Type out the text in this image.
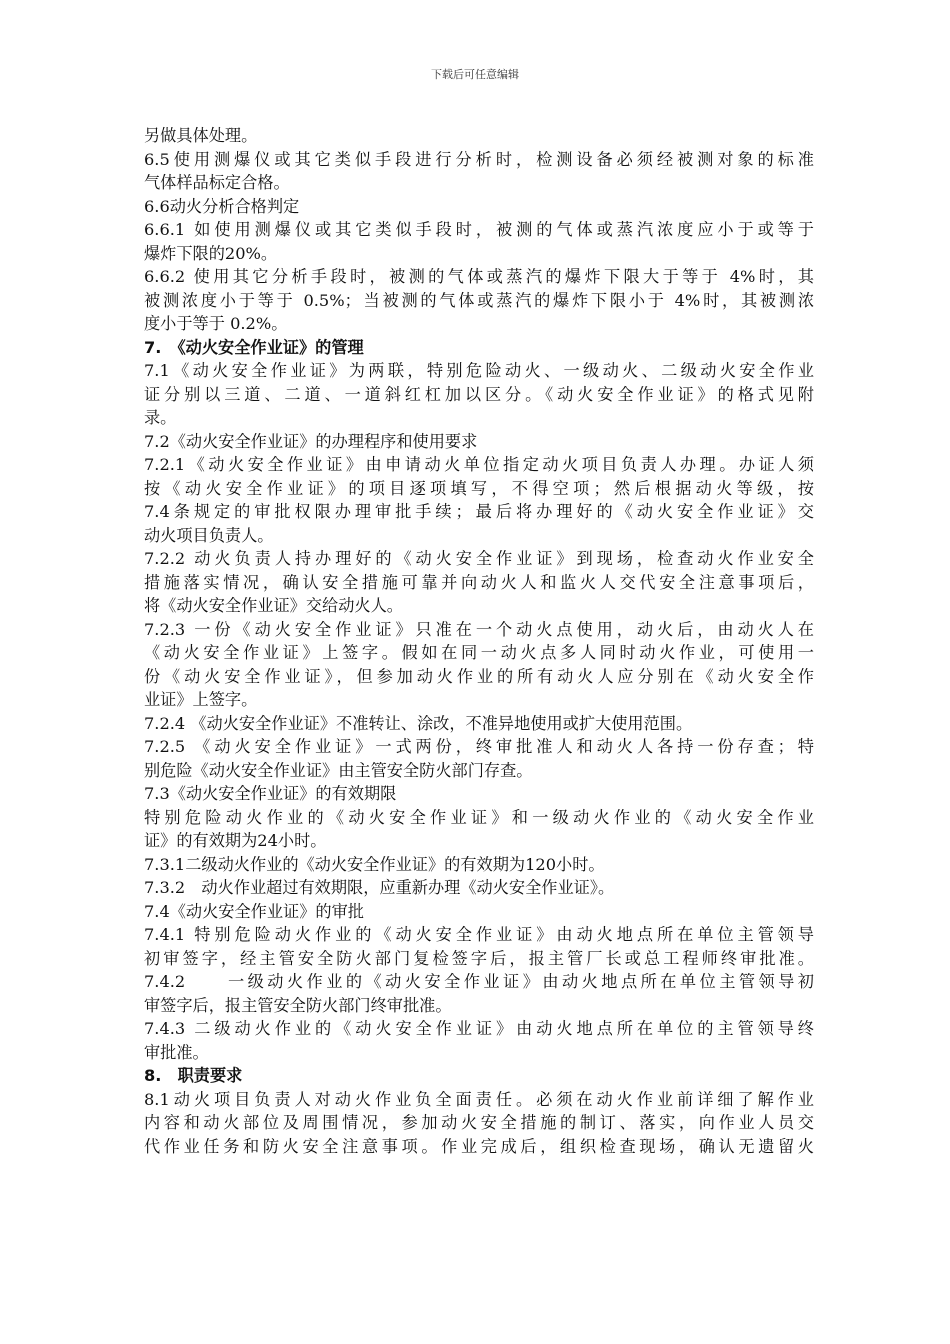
下载后可任意编辑
另做具体处理。
6.5使用测爆仪或其它类似手段进行分析时，检测设备必须经被测对象的标准
气体样品标定合格。
6.6动火分析合格判定
6.6.1 如使用测爆仪或其它类似手段时，被测的气体或蒸汽浓度应小于或等于
爆炸下限的20%。
6.6.2 使用其它分析手段时，被测的气体或蒸汽的爆炸下限大于等于 4%时，其
被测浓度小于等于 0.5%；当被测的气体或蒸汽的爆炸下限小于 4%时，其被测浓
度小于等于 0.2%。
7.　《动火安全作业证》的管理
7.1《动火安全作业证》为两联，特别危险动火、一级动火、二级动火安全作业
证分别以三道、二道、一道斜红杠加以区分。《动火安全作业证》的格式见附
录。
7.2《动火安全作业证》的办理程序和使用要求
7.2.1《动火安全作业证》由申请动火单位指定动火项目负责人办理。办证人须
按《动火安全作业证》的项目逐项填写，不得空项；然后根据动火等级，按
7.4条规定的审批权限办理审批手续；最后将办理好的《动火安全作业证》交
动火项目负责人。
7.2.2 动火负责人持办理好的《动火安全作业证》到现场，检查动火作业安全
措施落实情况，确认安全措施可靠并向动火人和监火人交代安全注意事项后，
将《动火安全作业证》交给动火人。
7.2.3 一份《动火安全作业证》只准在一个动火点使用，动火后，由动火人在
《动火安全作业证》上签字。假如在同一动火点多人同时动火作业，可使用一
份《动火安全作业证》，但参加动火作业的所有动火人应分别在《动火安全作
业证》上签字。
7.2.4 《动火安全作业证》不准转让、涂改，不准异地使用或扩大使用范围。
7.2.5 《动火安全作业证》一式两份，终审批准人和动火人各持一份存查；特
别危险《动火安全作业证》由主管安全防火部门存查。
7.3《动火安全作业证》的有效期限
特别危险动火作业的《动火安全作业证》和一级动火作业的《动火安全作业
证》的有效期为24小时。
7.3.1二级动火作业的《动火安全作业证》的有效期为120小时。
7.3.2　动火作业超过有效期限，应重新办理《动火安全作业证》。
7.4《动火安全作业证》的审批
7.4.1 特别危险动火作业的《动火安全作业证》由动火地点所在单位主管领导
初审签字，经主管安全防火部门复检签字后，报主管厂长或总工程师终审批准。
7.4.2　　一级动火作业的《动火安全作业证》由动火地点所在单位主管领导初
审签字后，报主管安全防火部门终审批准。
7.4.3 二级动火作业的《动火安全作业证》由动火地点所在单位的主管领导终
审批准。
8.　职责要求
8.1动火项目负责人对动火作业负全面责任。必须在动火作业前详细了解作业
内容和动火部位及周围情况，参加动火安全措施的制订、落实，向作业人员交
代作业任务和防火安全注意事项。作业完成后，组织检查现场，确认无遗留火
